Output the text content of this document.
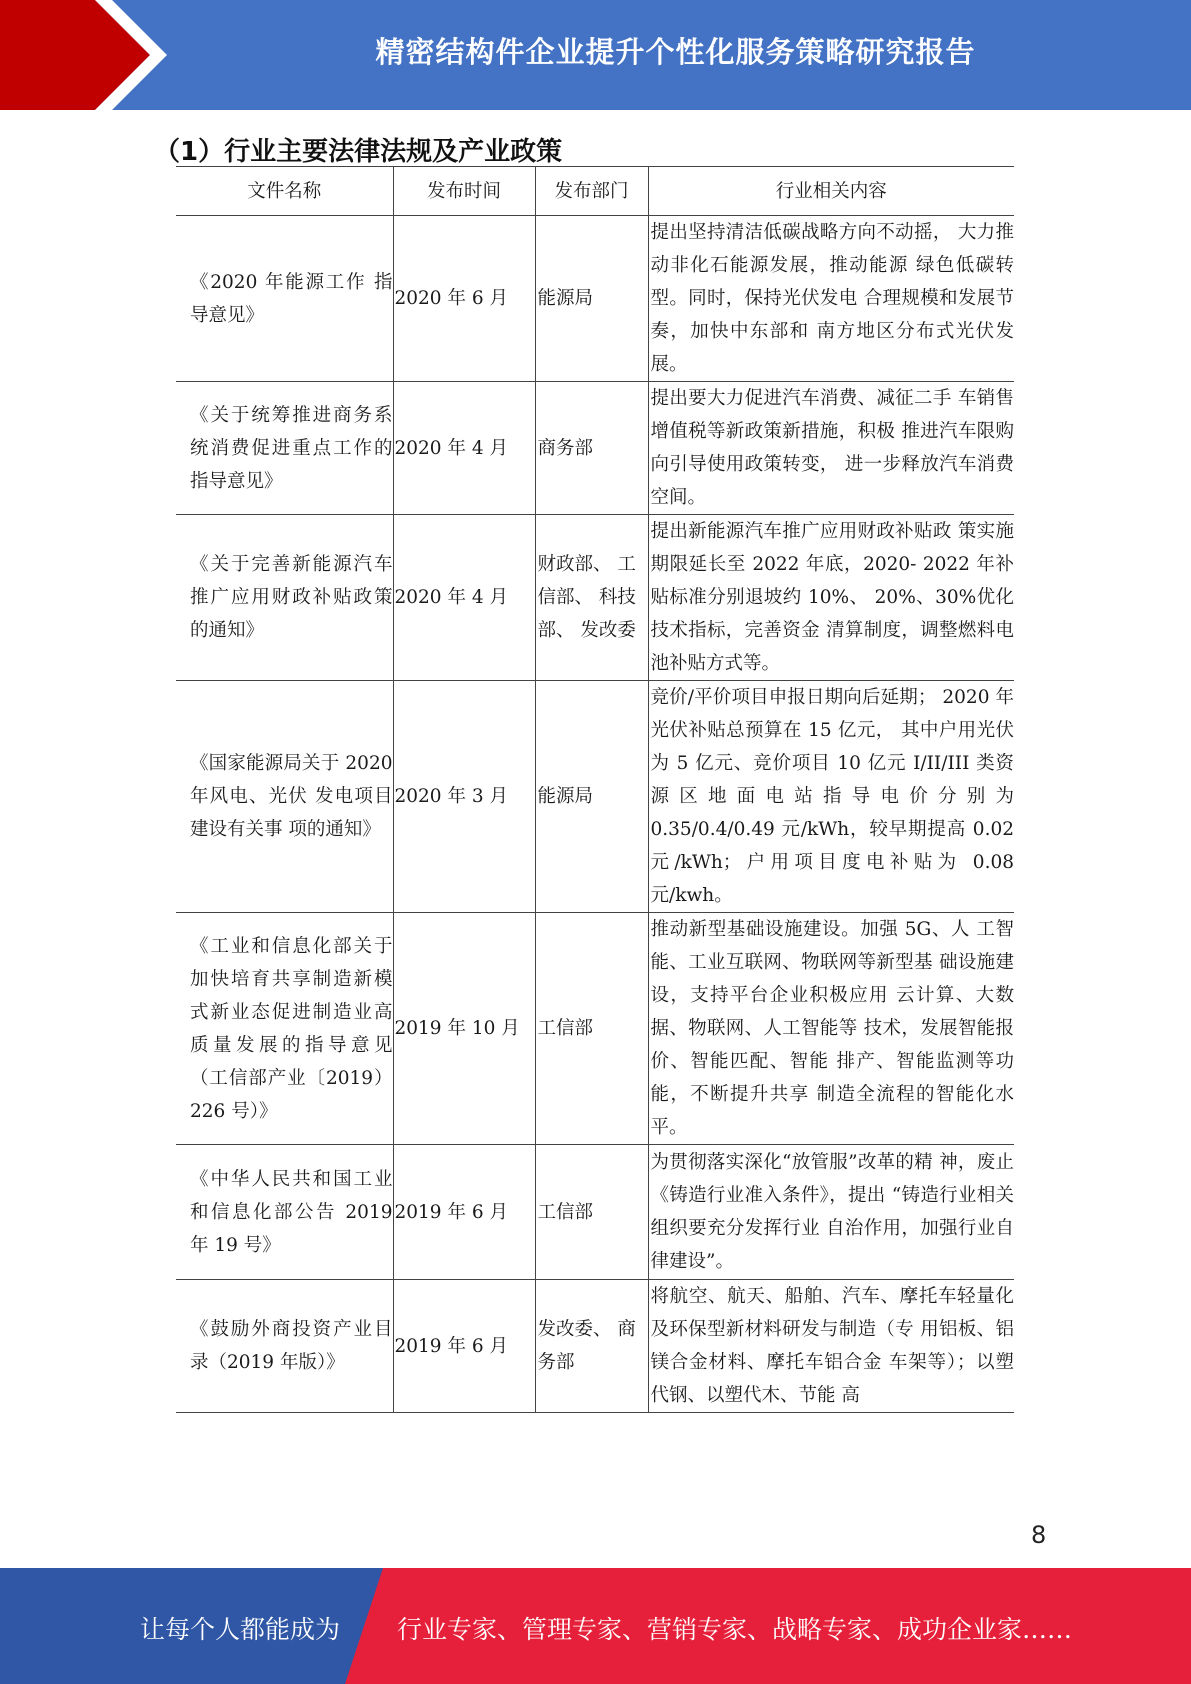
精密结构件企业提升个性化服务策略研究报告
（1）行业主要法律法规及产业政策
文件名称	发布时间	发布部门	行业相关内容
《2020 年能源工作 指导意见》	2020 年 6 月	能源局	提出坚持清洁低碳战略方向不动摇， 大力推动非化石能源发展，推动能源 绿色低碳转型。同时，保持光伏发电 合理规模和发展节奏，加快中东部和 南方地区分布式光伏发展。
《关于统筹推进商务系统消费促进重点工作的指导意见》	2020 年 4 月	商务部	提出要大力促进汽车消费、减征二手 车销售增值税等新政策新措施，积极 推进汽车限购向引导使用政策转变， 进一步释放汽车消费空间。
《关于完善新能源汽车推广应用财政补贴政策的通知》	2020 年 4 月	财政部、 工信部、 科技部、 发改委	提出新能源汽车推广应用财政补贴政 策实施期限延长至 2022 年底，2020- 2022 年补贴标准分别退坡约 10%、 20%、30%优化技术指标，完善资金 清算制度，调整燃料电池补贴方式等。
《国家能源局关于 2020 年风电、光伏 发电项目建设有关事 项的通知》	2020 年 3 月	能源局	竞价/平价项目申报日期向后延期； 2020 年光伏补贴总预算在 15 亿元， 其中户用光伏为 5 亿元、竞价项目 10 亿元 I/II/III 类资源区地面电站指导电价分别为 0.35/0.4/0.49 元/kWh，较早期提高 0.02 元/kWh；户用项目度电补贴为 0.08 元/kwh。
《工业和信息化部关于加快培育共享制造新模式新业态促进制造业高质量发展的指导意见（工信部产业〔2019） 226 号）》	2019 年 10 月	工信部	推动新型基础设施建设。加强 5G、人 工智能、工业互联网、物联网等新型基 础设施建设，支持平台企业积极应用 云计算、大数据、物联网、人工智能等 技术，发展智能报价、智能匹配、智能 排产、智能监测等功能，不断提升共享 制造全流程的智能化水平。
《中华人民共和国工业和信息化部公告 2019 年 19 号》	2019 年 6 月	工信部	为贯彻落实深化“放管服”改革的精 神，废止《铸造行业准入条件》，提出 “铸造行业相关组织要充分发挥行业 自治作用，加强行业自律建设”。
《鼓励外商投资产业目录（2019 年版）》	2019 年 6 月	发改委、 商务部	将航空、航天、船舶、汽车、摩托车轻量化及环保型新材料研发与制造（专 用铝板、铝镁合金材料、摩托车铝合金 车架等）；以塑代钢、以塑代木、节能 高
8
让每个人都能成为 行业专家、管理专家、营销专家、战略专家、成功企业家……
